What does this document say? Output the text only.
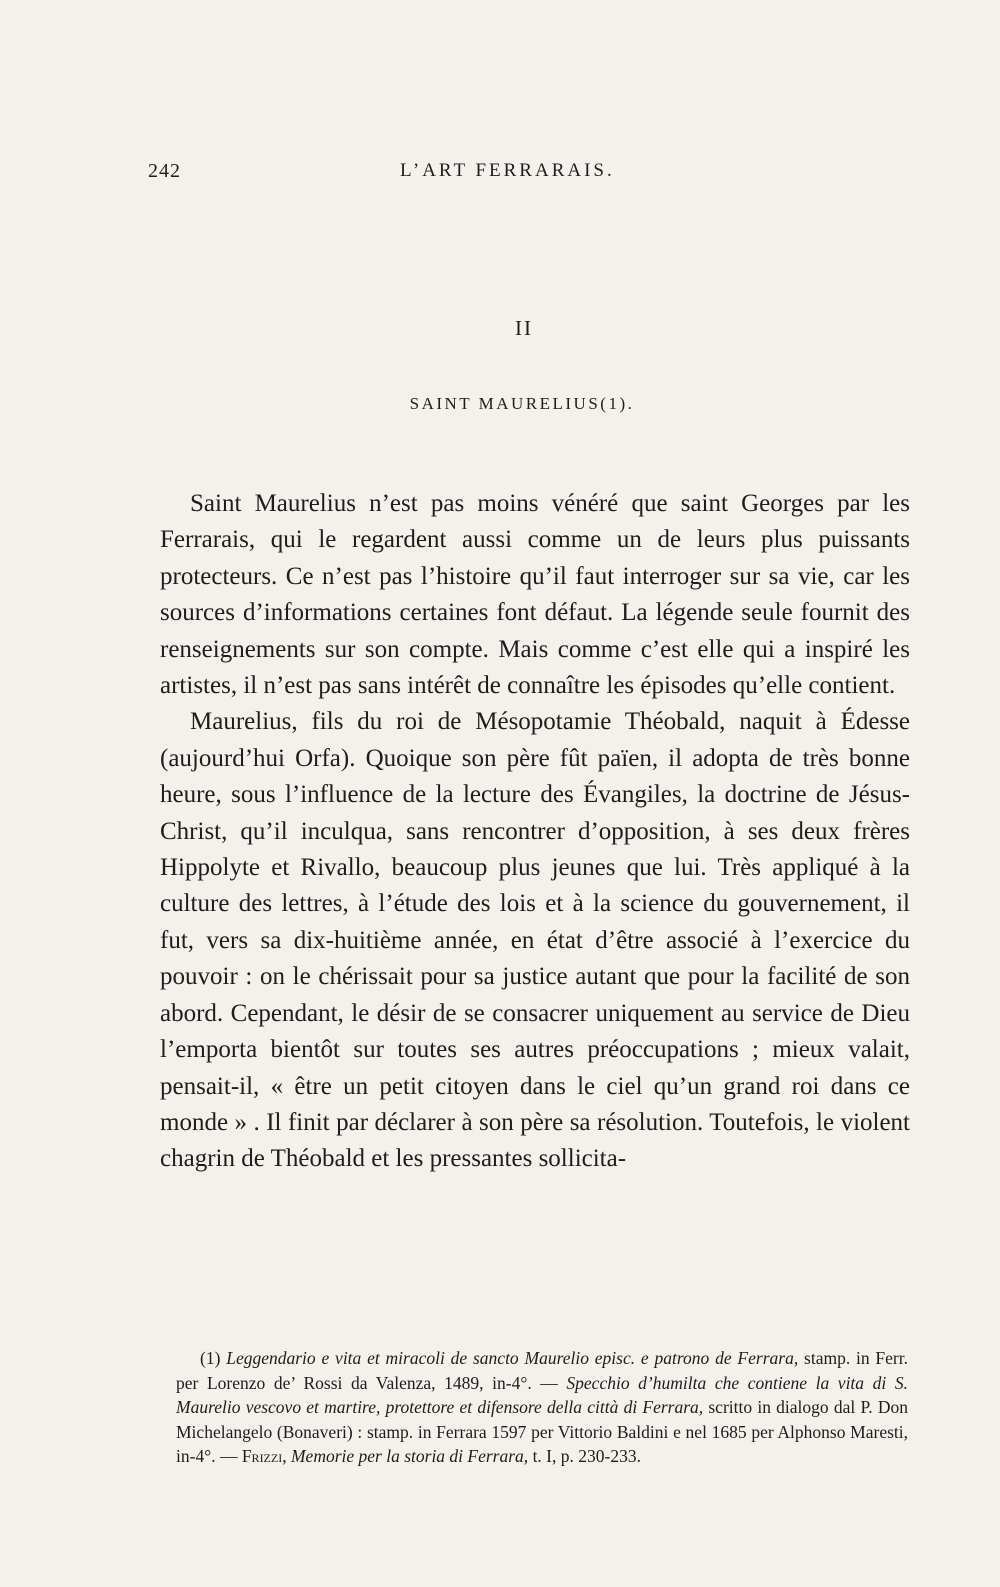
242	L’ART FERRARAIS.
II
SAINT MAURELIUS(1).

Saint Maurelius n’est pas moins vénéré que saint Georges par les Ferrarais, qui le regardent aussi comme un de leurs plus puissants protecteurs. Ce n’est pas l’histoire qu’il faut interroger sur sa vie, car les sources d’informations certaines font défaut. La légende seule fournit des renseignements sur son compte. Mais comme c’est elle qui a inspiré les artistes, il n’est pas sans intérêt de connaître les épisodes qu’elle contient.

Maurelius, fils du roi de Mésopotamie Théobald, naquit à Édesse (aujourd’hui Orfa). Quoique son père fût païen, il adopta de très bonne heure, sous l’influence de la lecture des Évangiles, la doctrine de Jésus-Christ, qu’il inculqua, sans rencontrer d’opposition, à ses deux frères Hippolyte et Rivallo, beaucoup plus jeunes que lui. Très appliqué à la culture des lettres, à l’étude des lois et à la science du gouvernement, il fut, vers sa dix-huitième année, en état d’être associé à l’exercice du pouvoir : on le chérissait pour sa justice autant que pour la facilité de son abord. Cependant, le désir de se consacrer uniquement au service de Dieu l’emporta bientôt sur toutes ses autres préoccupations ; mieux valait, pensait-il, « être un petit citoyen dans le ciel qu’un grand roi dans ce monde » . Il finit par déclarer à son père sa résolution. Toutefois, le violent chagrin de Théobald et les pressantes sollicita-

(1) Leggendario e vita et miracoli de sancto Maurelio episc. e patrono de Ferrara, stamp. in Ferr. per Lorenzo de’ Rossi da Valenza, 1489, in-4°. — Specchio d’humilta che contiene la vita di S. Maurelio vescovo et martire, protettore et difensore della città di Ferrara, scritto in dialogo dal P. Don Michelangelo (Bonaveri) : stamp. in Ferrara 1597 per Vittorio Baldini e nel 1685 per Alphonso Maresti, in-4°. — Frizzi, Memorie per la storia di Ferrara, t. I, p. 230-233.
